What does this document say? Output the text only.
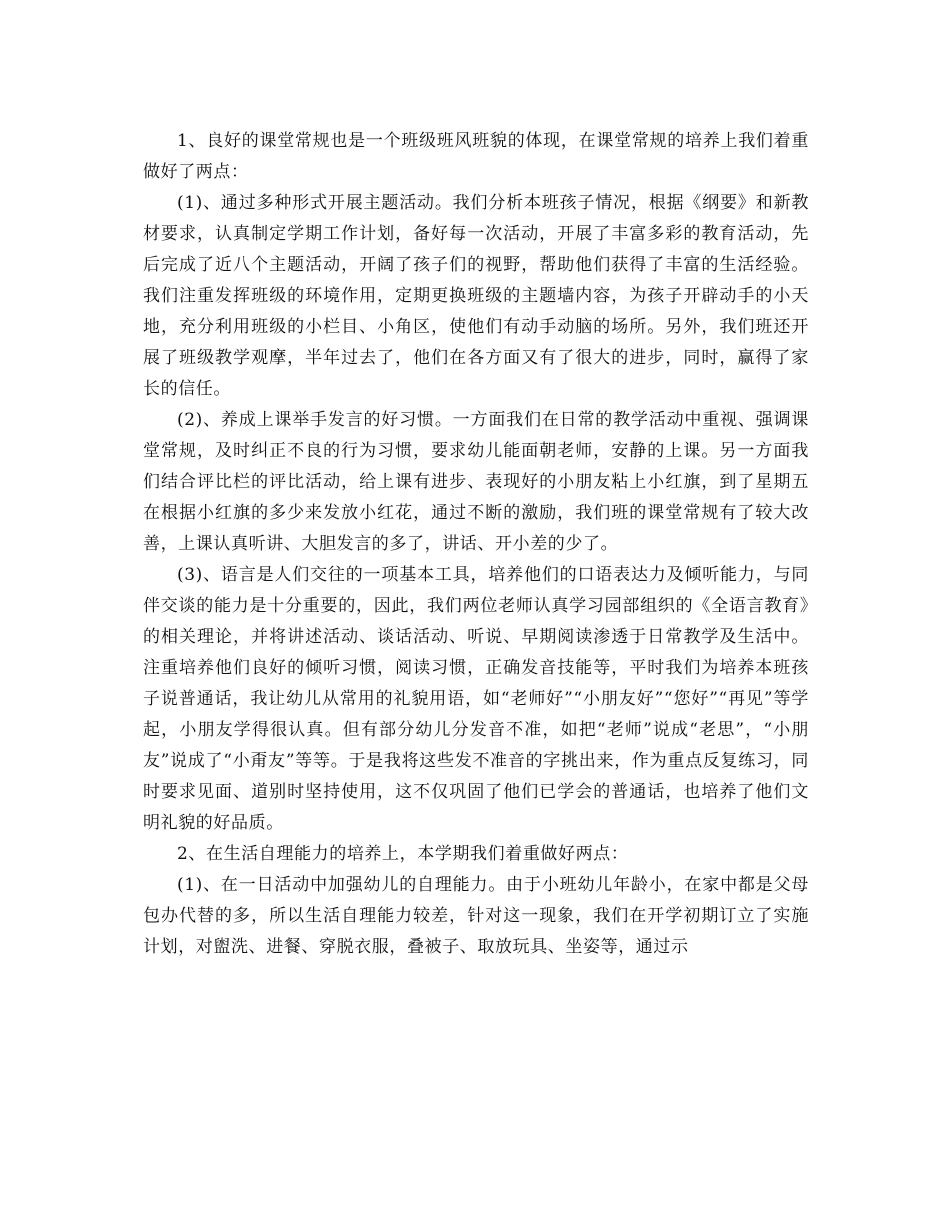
1、良好的课堂常规也是一个班级班风班貌的体现，在课堂常规的培养上我们着重做好了两点：

(1)、通过多种形式开展主题活动。我们分析本班孩子情况，根据《纲要》和新教材要求，认真制定学期工作计划，备好每一次活动，开展了丰富多彩的教育活动，先后完成了近八个主题活动，开阔了孩子们的视野，帮助他们获得了丰富的生活经验。我们注重发挥班级的环境作用，定期更换班级的主题墙内容，为孩子开辟动手的小天地，充分利用班级的小栏目、小角区，使他们有动手动脑的场所。另外，我们班还开展了班级教学观摩，半年过去了，他们在各方面又有了很大的进步，同时，赢得了家长的信任。

(2)、养成上课举手发言的好习惯。一方面我们在日常的教学活动中重视、强调课堂常规，及时纠正不良的行为习惯，要求幼儿能面朝老师，安静的上课。另一方面我们结合评比栏的评比活动，给上课有进步、表现好的小朋友粘上小红旗，到了星期五在根据小红旗的多少来发放小红花，通过不断的激励，我们班的课堂常规有了较大改善，上课认真听讲、大胆发言的多了，讲话、开小差的少了。

(3)、语言是人们交往的一项基本工具，培养他们的口语表达力及倾听能力，与同伴交谈的能力是十分重要的，因此，我们两位老师认真学习园部组织的《全语言教育》的相关理论，并将讲述活动、谈话活动、听说、早期阅读渗透于日常教学及生活中。注重培养他们良好的倾听习惯，阅读习惯，正确发音技能等，平时我们为培养本班孩子说普通话，我让幼儿从常用的礼貌用语，如“老师好”“小朋友好”“您好”“再见”等学起，小朋友学得很认真。但有部分幼儿分发音不准，如把“老师”说成“老思”，“小朋友”说成了“小甭友”等等。于是我将这些发不准音的字挑出来，作为重点反复练习，同时要求见面、道别时坚持使用，这不仅巩固了他们已学会的普通话，也培养了他们文明礼貌的好品质。

2、在生活自理能力的培养上，本学期我们着重做好两点：

(1)、在一日活动中加强幼儿的自理能力。由于小班幼儿年龄小，在家中都是父母包办代替的多，所以生活自理能力较差，针对这一现象，我们在开学初期订立了实施计划，对盥洗、进餐、穿脱衣服，叠被子、取放玩具、坐姿等，通过示
